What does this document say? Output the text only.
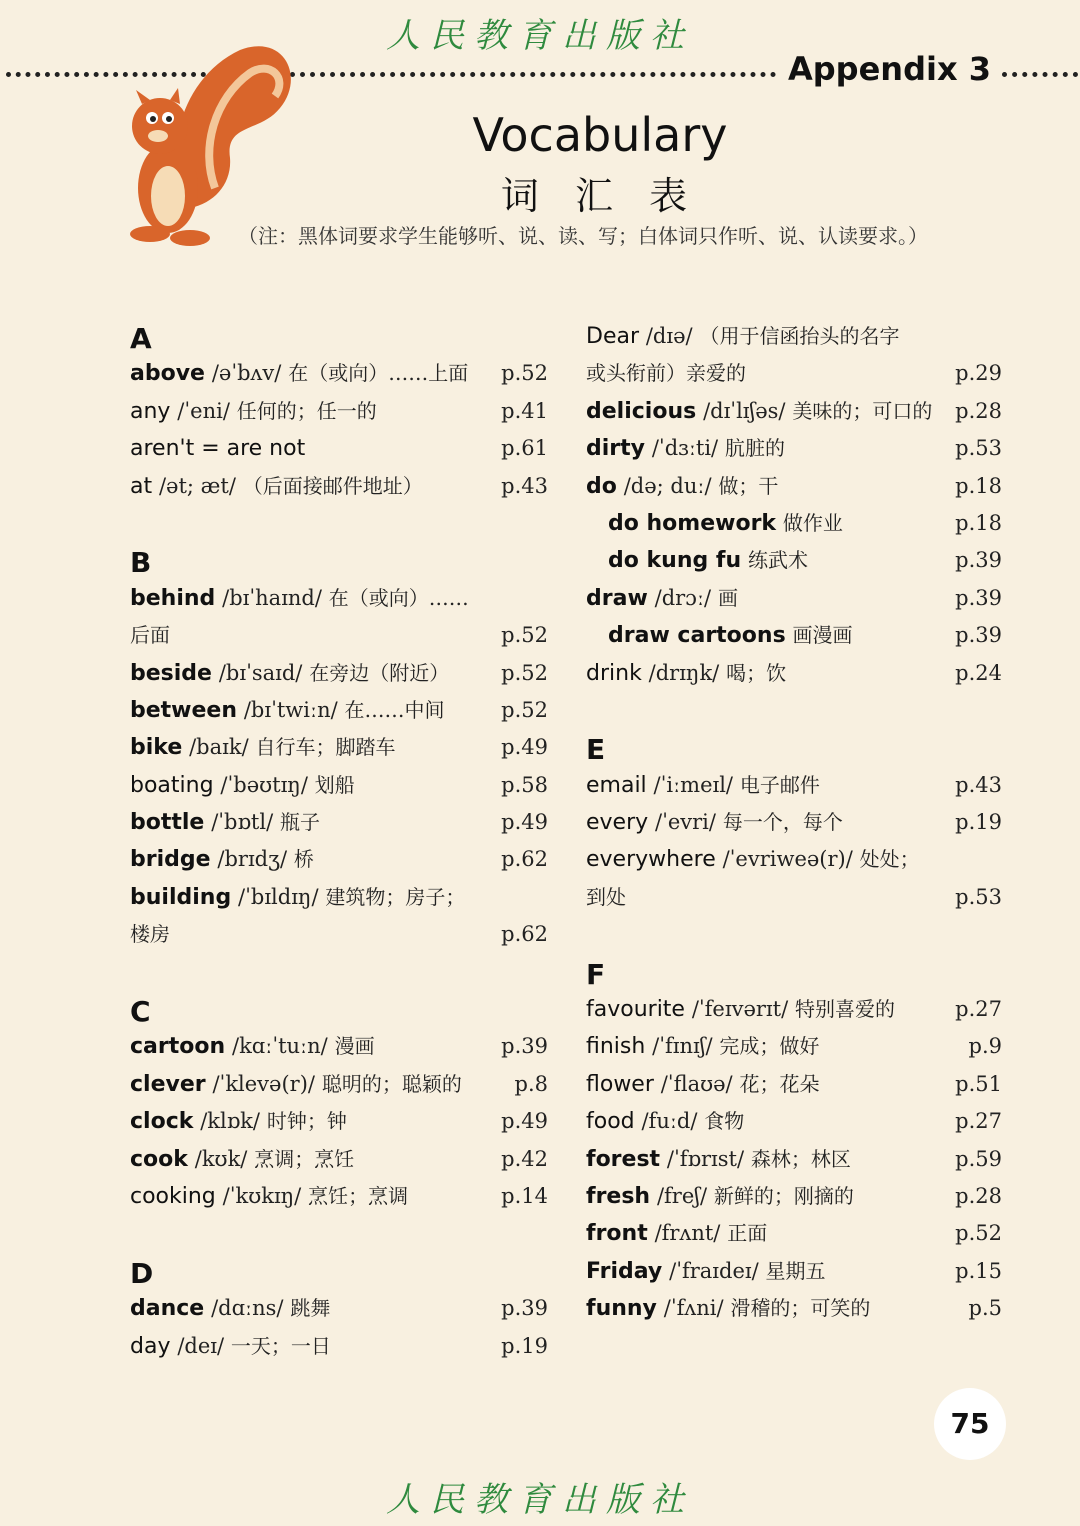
人民教育出版社
Appendix 3
Vocabulary
词 汇 表
（注：黑体词要求学生能够听、说、读、写；白体词只作听、说、认读要求。）
A
above /əˈbʌv/ 在（或向）……上面 p.52
any /ˈeni/ 任何的；任一的	p.41
aren't = are not	p.61
at /ət; æt/ （后面接邮件地址）	p.43
B
behind /bɪˈhaɪnd/ 在（或向）……
后面	p.52
beside /bɪˈsaɪd/ 在旁边（附近） p.52
between /bɪˈtwiːn/ 在……中间	p.52
bike /baɪk/ 自行车；脚踏车	p.49
boating /ˈbəʊtɪŋ/ 划船	p.58
bottle /ˈbɒtl/ 瓶子	p.49
bridge /brɪdʒ/ 桥	p.62
building /ˈbɪldɪŋ/ 建筑物；房子；
楼房	p.62
C
cartoon /kɑːˈtuːn/ 漫画	p.39
clever /ˈklevə(r)/ 聪明的；聪颖的	p.8
clock /klɒk/ 时钟；钟	p.49
cook /kʊk/ 烹调；烹饪	p.42
cooking /ˈkʊkɪŋ/ 烹饪；烹调	p.14
D
dance /dɑːns/ 跳舞	p.39
day /deɪ/ 一天；一日	p.19
Dear /dɪə/ （用于信函抬头的名字
或头衔前）亲爱的	p.29
delicious /dɪˈlɪʃəs/ 美味的；可口的 p.28
dirty /ˈdɜːti/ 肮脏的	p.53
do /də; duː/ 做；干	p.18
do homework 做作业	p.18
do kung fu 练武术	p.39
draw /drɔː/ 画	p.39
draw cartoons 画漫画	p.39
drink /drɪŋk/ 喝；饮	p.24
E
email /ˈiːmeɪl/ 电子邮件	p.43
every /ˈevri/ 每一个，每个	p.19
everywhere /ˈevriweə(r)/ 处处；
到处	p.53
F
favourite /ˈfeɪvərɪt/ 特别喜爱的	p.27
finish /ˈfɪnɪʃ/ 完成；做好	p.9
flower /ˈflaʊə/ 花；花朵	p.51
food /fuːd/ 食物	p.27
forest /ˈfɒrɪst/ 森林；林区	p.59
fresh /freʃ/ 新鲜的；刚摘的	p.28
front /frʌnt/ 正面	p.52
Friday /ˈfraɪdeɪ/ 星期五	p.15
funny /ˈfʌni/ 滑稽的；可笑的	p.5
75
人民教育出版社
